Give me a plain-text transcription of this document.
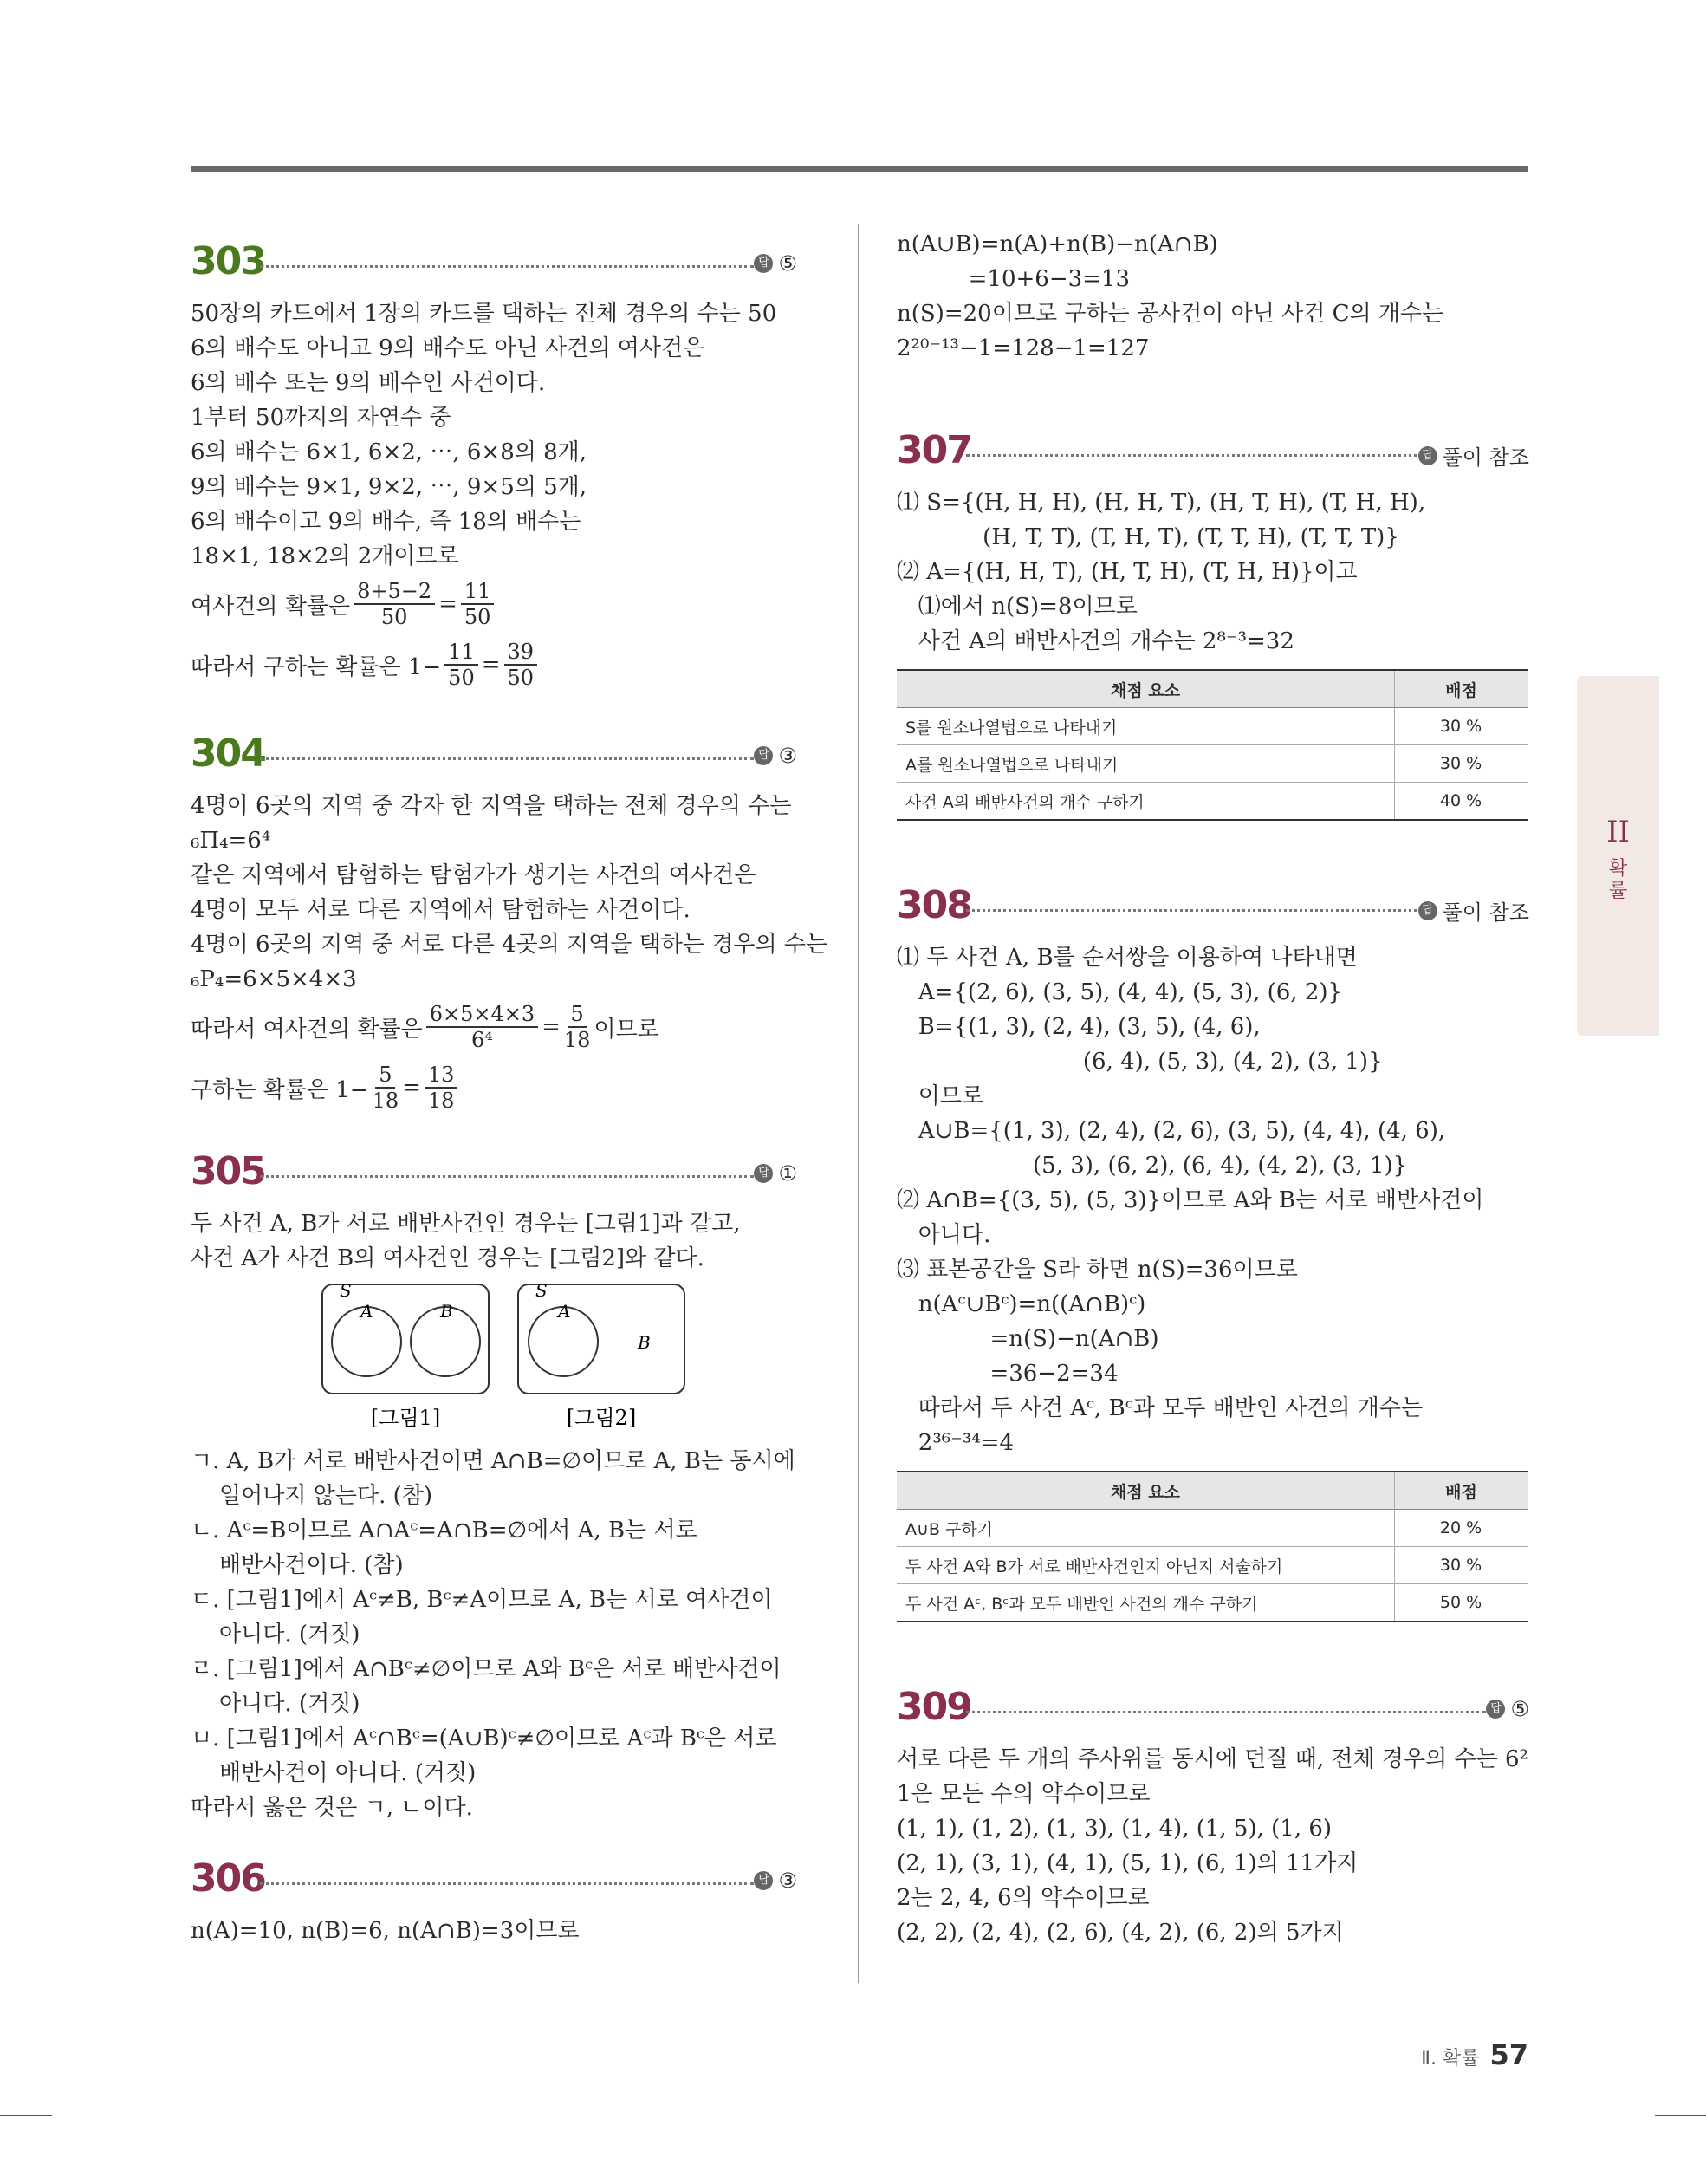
303	답 ⑤
50장의 카드에서 1장의 카드를 택하는 전체 경우의 수는 50
6의 배수도 아니고 9의 배수도 아닌 사건의 여사건은
6의 배수 또는 9의 배수인 사건이다.
1부터 50까지의 자연수 중
6의 배수는 6×1, 6×2, ⋯, 6×8의 8개,
9의 배수는 9×1, 9×2, ⋯, 9×5의 5개,
6의 배수이고 9의 배수, 즉 18의 배수는
18×1, 18×2의 2개이므로
여사건의 확률은 $\frac{8+5-2}{50} = \frac{11}{50}$
따라서 구하는 확률은 $1- \frac{11}{50} = \frac{39}{50}$
304	답 ③
4명이 6곳의 지역 중 각자 한 지역을 택하는 전체 경우의 수는
₆Π₄=6⁴
같은 지역에서 탐험하는 탐험가가 생기는 사건의 여사건은
4명이 모두 서로 다른 지역에서 탐험하는 사건이다.
4명이 6곳의 지역 중 서로 다른 4곳의 지역을 택하는 경우의 수는
₆P₄=6×5×4×3
따라서 여사건의 확률은 $\frac{6\times 5\times 4\times 3}{\text{6⁴}} = \frac{5}{18}$ 이므로
구하는 확률은 $1- \frac{5}{18} = \frac{13}{18}$
305	답 ①
두 사건 A, B가 서로 배반사건인 경우는 [그림1]과 같고,
사건 A가 사건 B의 여사건인 경우는 [그림2]와 같다.
S
A	B
[그림1]
S
A
B
[그림2]
ㄱ. A, B가 서로 배반사건이면 A∩B=∅이므로 A, B는 동시에
일어나지 않는다. (참)
ㄴ. Aᶜ=B이므로 A∩Aᶜ=A∩B=∅에서 A, B는 서로
배반사건이다. (참)
ㄷ. [그림1]에서 Aᶜ≠B, Bᶜ≠A이므로 A, B는 서로 여사건이
아니다. (거짓)
ㄹ. [그림1]에서 A∩Bᶜ≠∅이므로 A와 Bᶜ은 서로 배반사건이
아니다. (거짓)
ㅁ. [그림1]에서 Aᶜ∩Bᶜ=(A∪B)ᶜ≠∅이므로 Aᶜ과 Bᶜ은 서로
배반사건이 아니다. (거짓)
따라서 옳은 것은 ㄱ, ㄴ이다.
306	답 ③
n(A)=10, n(B)=6, n(A∩B)=3이므로
n(A∪B)=n(A)+n(B)−n(A∩B)
=10+6−3=13
n(S)=20이므로 구하는 공사건이 아닌 사건 C의 개수는
2²⁰⁻¹³−1=128−1=127
307	답 풀이 참조
⑴ S={(H, H, H), (H, H, T), (H, T, H), (T, H, H),
(H, T, T), (T, H, T), (T, T, H), (T, T, T)}
⑵ A={(H, H, T), (H, T, H), (T, H, H)}이고
⑴에서 n(S)=8이므로
사건 A의 배반사건의 개수는 2⁸⁻³=32
채점 요소	배점
S를 원소나열법으로 나타내기	30 %
A를 원소나열법으로 나타내기	30 %
사건 A의 배반사건의 개수 구하기	40 %
308	답 풀이 참조
⑴ 두 사건 A, B를 순서쌍을 이용하여 나타내면
A={(2, 6), (3, 5), (4, 4), (5, 3), (6, 2)}
B={(1, 3), (2, 4), (3, 5), (4, 6),
(6, 4), (5, 3), (4, 2), (3, 1)}
이므로
A∪B={(1, 3), (2, 4), (2, 6), (3, 5), (4, 4), (4, 6),
(5, 3), (6, 2), (6, 4), (4, 2), (3, 1)}
⑵ A∩B={(3, 5), (5, 3)}이므로 A와 B는 서로 배반사건이
아니다.
⑶ 표본공간을 S라 하면 n(S)=36이므로
n(Aᶜ∪Bᶜ)=n((A∩B)ᶜ)
=n(S)−n(A∩B)
=36−2=34
따라서 두 사건 Aᶜ, Bᶜ과 모두 배반인 사건의 개수는
2³⁶⁻³⁴=4
채점 요소	배점
A∪B 구하기	20 %
두 사건 A와 B가 서로 배반사건인지 아닌지 서술하기	30 %
두 사건 Aᶜ, Bᶜ과 모두 배반인 사건의 개수 구하기	50 %
309	답 ⑤
서로 다른 두 개의 주사위를 동시에 던질 때, 전체 경우의 수는 6²
1은 모든 수의 약수이므로
(1, 1), (1, 2), (1, 3), (1, 4), (1, 5), (1, 6)
(2, 1), (3, 1), (4, 1), (5, 1), (6, 1)의 11가지
2는 2, 4, 6의 약수이므로
(2, 2), (2, 4), (2, 6), (4, 2), (6, 2)의 5가지
II
확
률
Ⅱ. 확률 57
